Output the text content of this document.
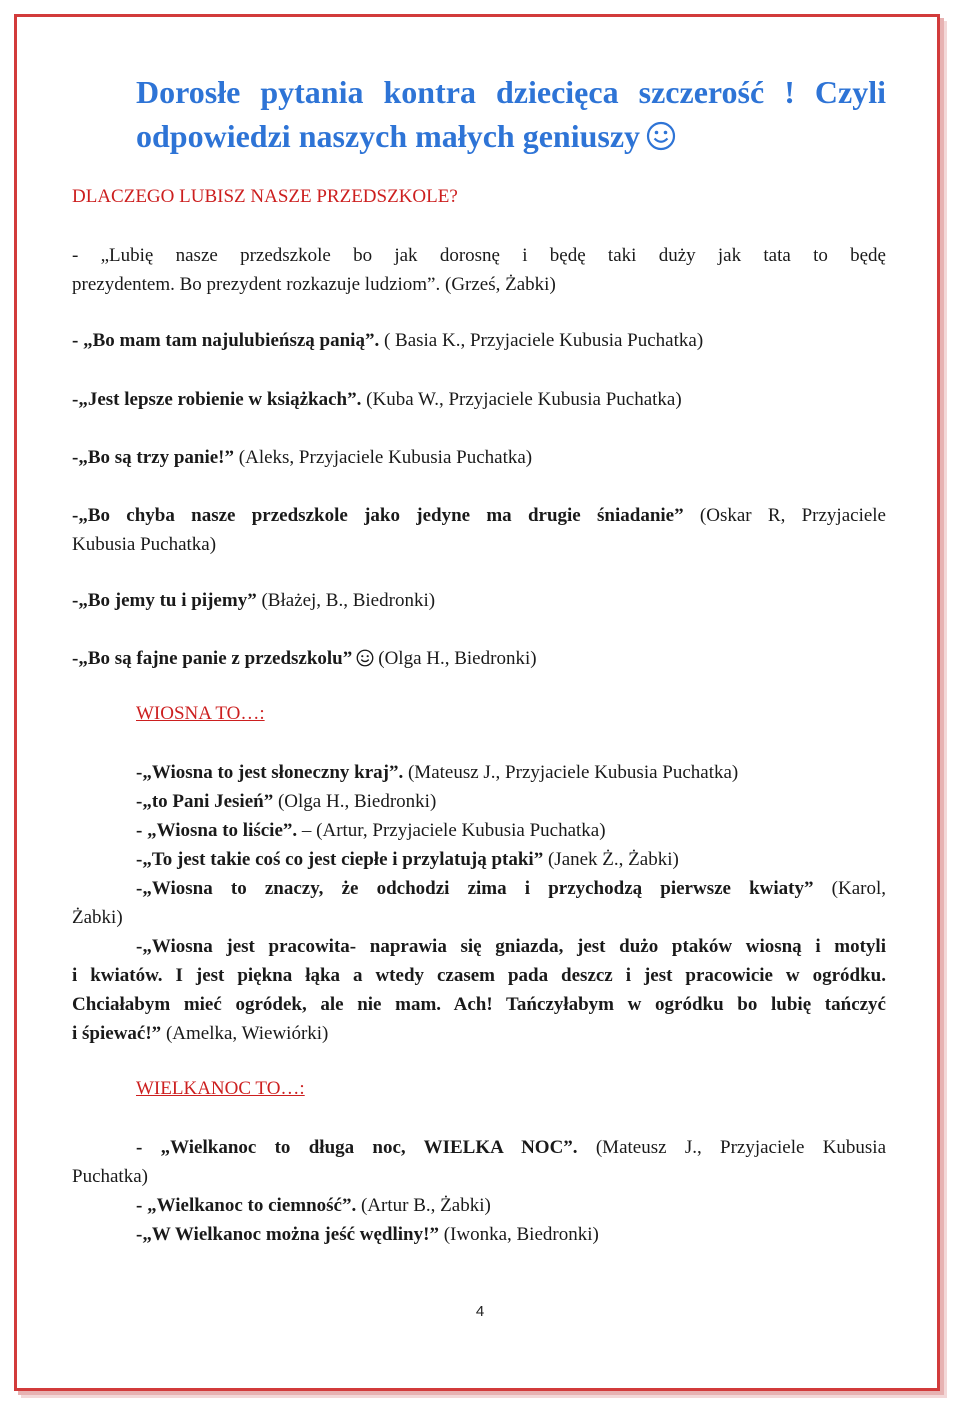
Dorosłe pytania kontra dziecięca szczerość ! Czyli
odpowiedzi naszych małych geniuszy

DLACZEGO LUBISZ NASZE PRZEDSZKOLE?

- „Lubię nasze przedszkole bo jak dorosnę i będę taki duży jak tata to będę

prezydentem. Bo prezydent rozkazuje ludziom”. (Grześ, Żabki)

- „Bo mam tam najulubieńszą panią”. ( Basia K., Przyjaciele Kubusia Puchatka)

-„Jest lepsze robienie w książkach”. (Kuba W., Przyjaciele Kubusia Puchatka)

-„Bo są trzy panie!” (Aleks, Przyjaciele Kubusia Puchatka)

-„Bo chyba nasze przedszkole jako jedyne ma drugie śniadanie” (Oskar R, Przyjaciele

Kubusia Puchatka)

-„Bo jemy tu i pijemy” (Błażej, B., Biedronki)

-„Bo są fajne panie z przedszkolu” (Olga H., Biedronki)

WIOSNA TO…:

-„Wiosna to jest słoneczny kraj”. (Mateusz J., Przyjaciele Kubusia Puchatka)

-„to Pani Jesień” (Olga H., Biedronki)

- „Wiosna to liście”. – (Artur, Przyjaciele Kubusia Puchatka)

-„To jest takie coś co jest ciepłe i przylatują ptaki” (Janek Ż., Żabki)

-„Wiosna to znaczy, że odchodzi zima i przychodzą pierwsze kwiaty” (Karol,

Żabki)

-„Wiosna jest pracowita- naprawia się gniazda, jest dużo ptaków wiosną i motyli

i kwiatów. I jest piękna łąka a wtedy czasem pada deszcz i jest pracowicie w ogródku.

Chciałabym mieć ogródek, ale nie mam. Ach! Tańczyłabym w ogródku bo lubię tańczyć

i śpiewać!” (Amelka, Wiewiórki)

WIELKANOC TO…:

- „Wielkanoc to długa noc, WIELKA NOC”. (Mateusz J., Przyjaciele Kubusia

Puchatka)

- „Wielkanoc to ciemność”. (Artur B., Żabki)

-„W Wielkanoc można jeść wędliny!” (Iwonka, Biedronki)

4
